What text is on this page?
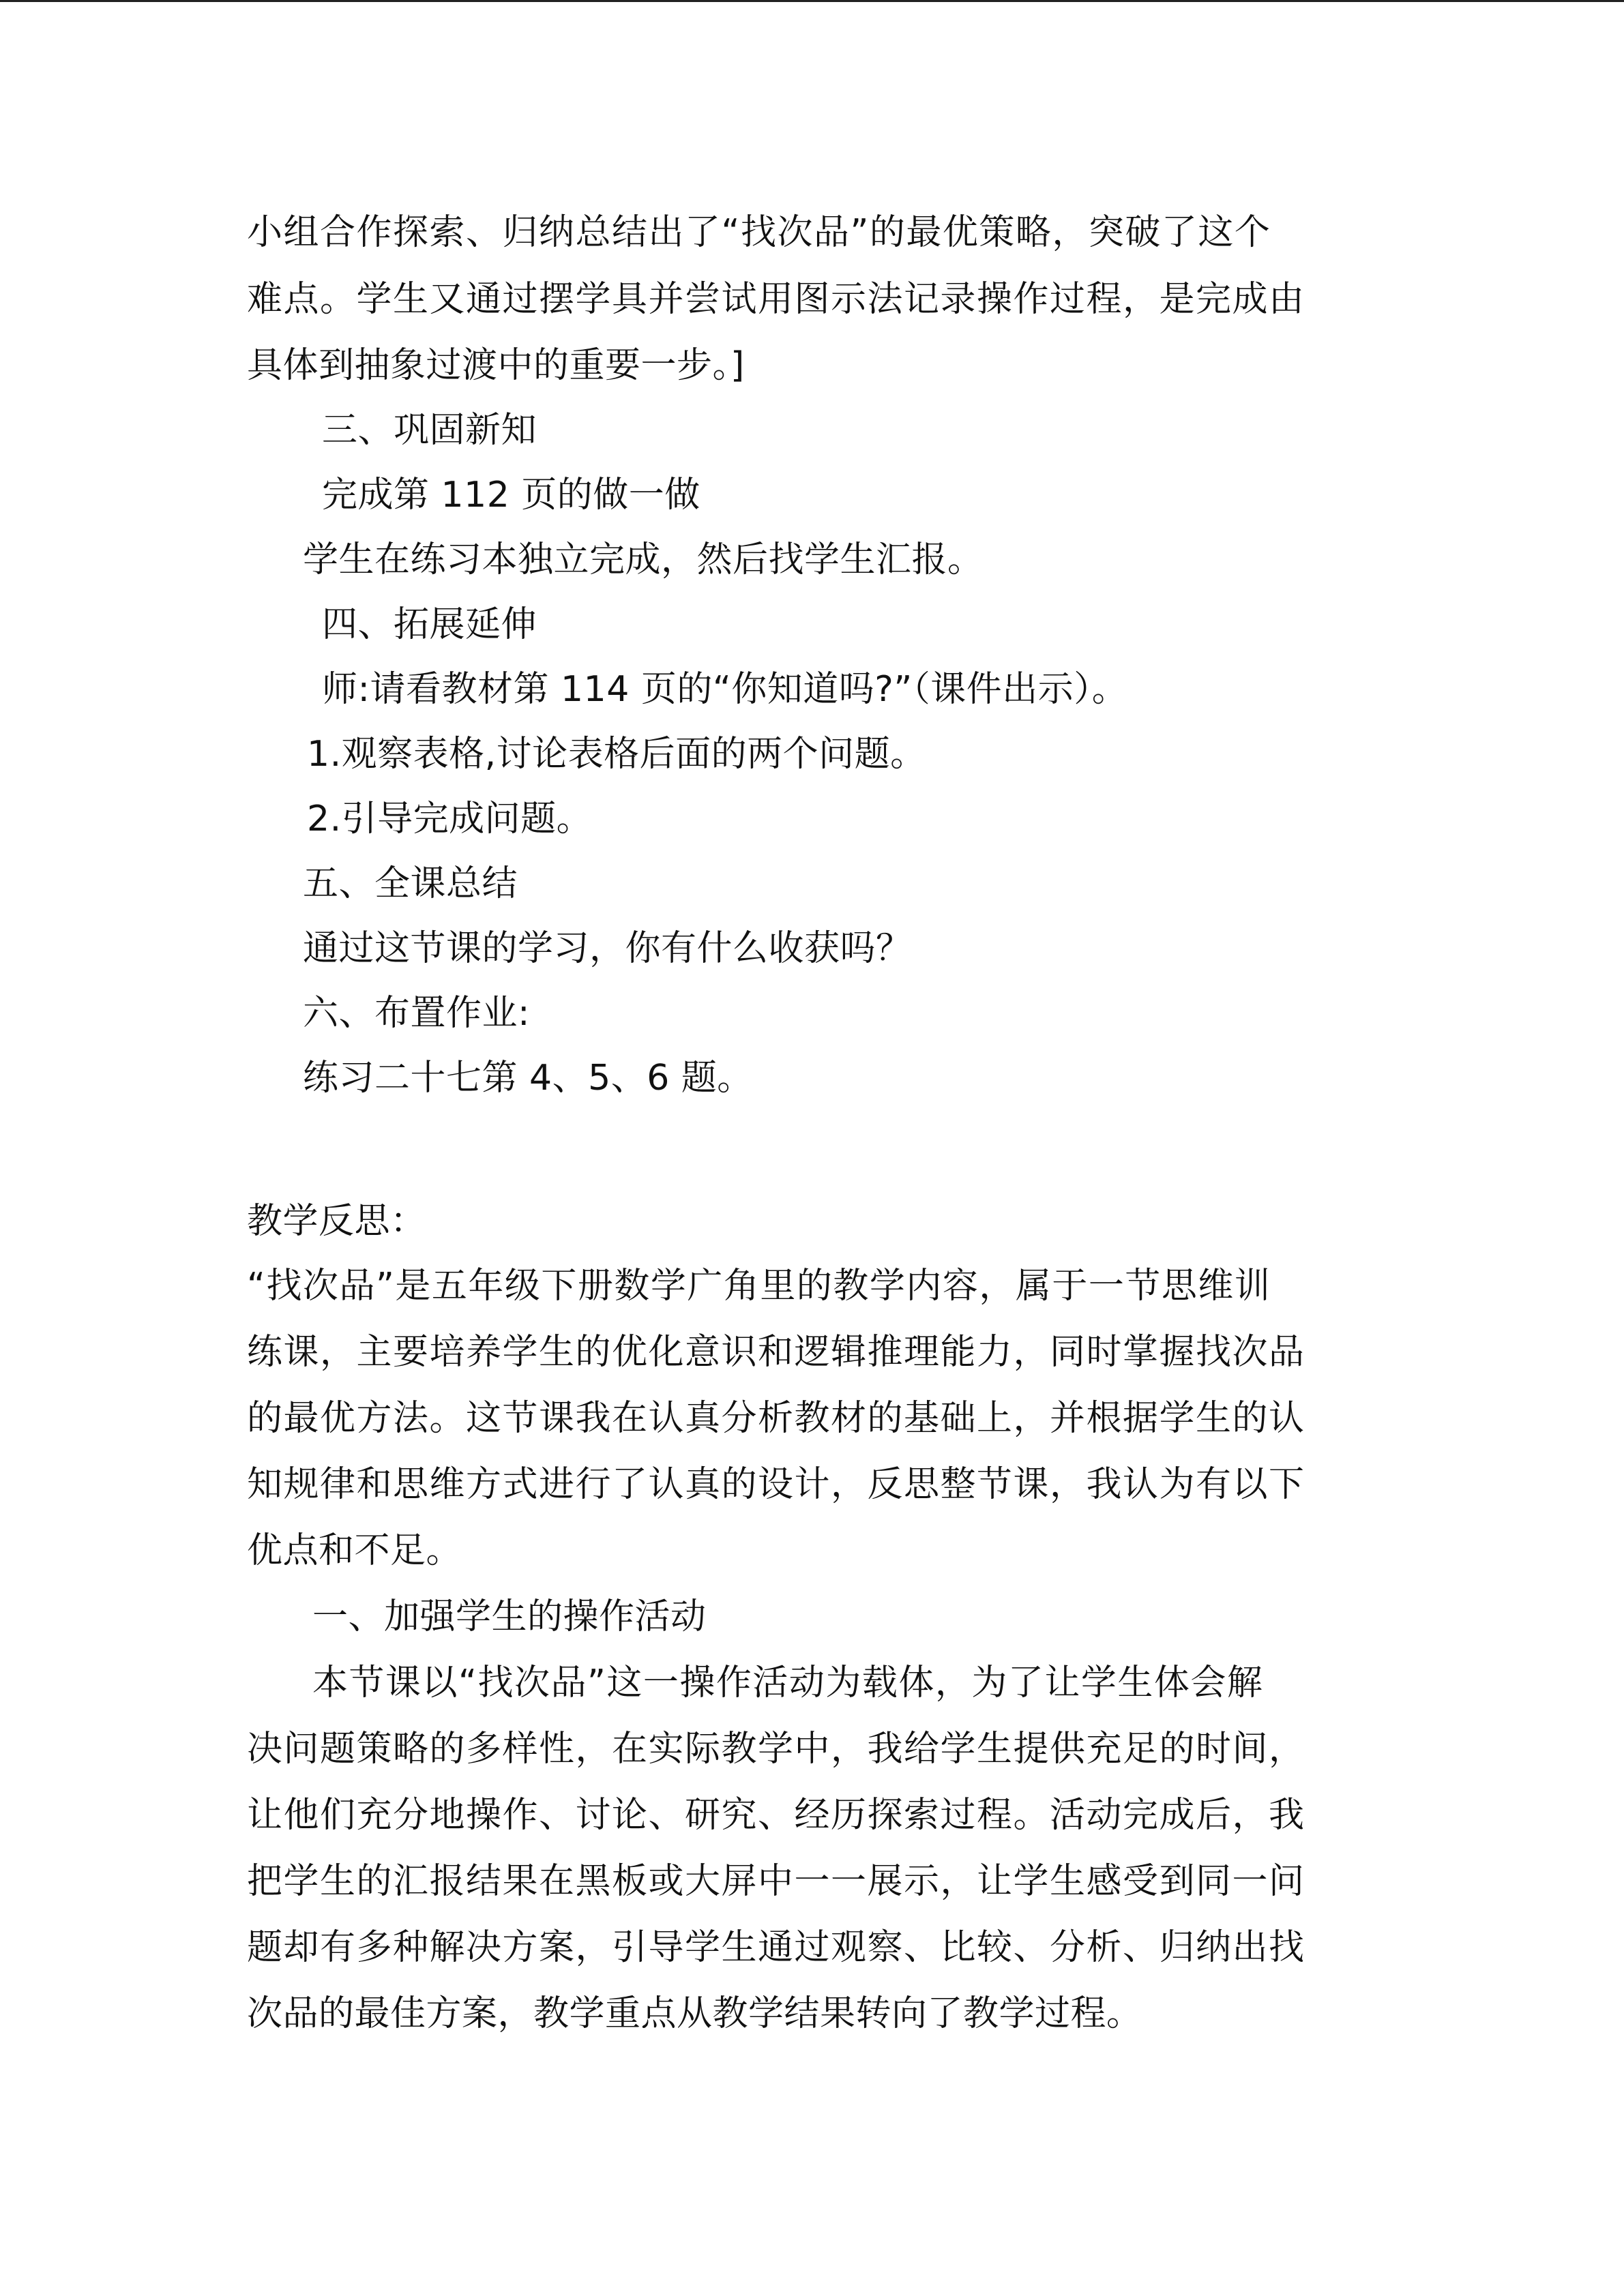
小组合作探索、归纳总结出了“找次品”的最优策略，突破了这个
难点。学生又通过摆学具并尝试用图示法记录操作过程，是完成由
具体到抽象过渡中的重要一步。]
三、巩固新知
完成第 112 页的做一做
学生在练习本独立完成，然后找学生汇报。
四、拓展延伸
师:请看教材第 114 页的“你知道吗?”（课件出示）。
1.观察表格,讨论表格后面的两个问题。
2.引导完成问题。
五、全课总结
通过这节课的学习，你有什么收获吗？
六、布置作业:
练习二十七第 4、5、6 题。
教学反思：
“找次品”是五年级下册数学广角里的教学内容，属于一节思维训
练课，主要培养学生的优化意识和逻辑推理能力，同时掌握找次品
的最优方法。这节课我在认真分析教材的基础上，并根据学生的认
知规律和思维方式进行了认真的设计，反思整节课，我认为有以下
优点和不足。
一、加强学生的操作活动
本节课以“找次品”这一操作活动为载体，为了让学生体会解
决问题策略的多样性，在实际教学中，我给学生提供充足的时间，
让他们充分地操作、讨论、研究、经历探索过程。活动完成后，我
把学生的汇报结果在黑板或大屏中一一展示，让学生感受到同一问
题却有多种解决方案，引导学生通过观察、比较、分析、归纳出找
次品的最佳方案，教学重点从教学结果转向了教学过程。
